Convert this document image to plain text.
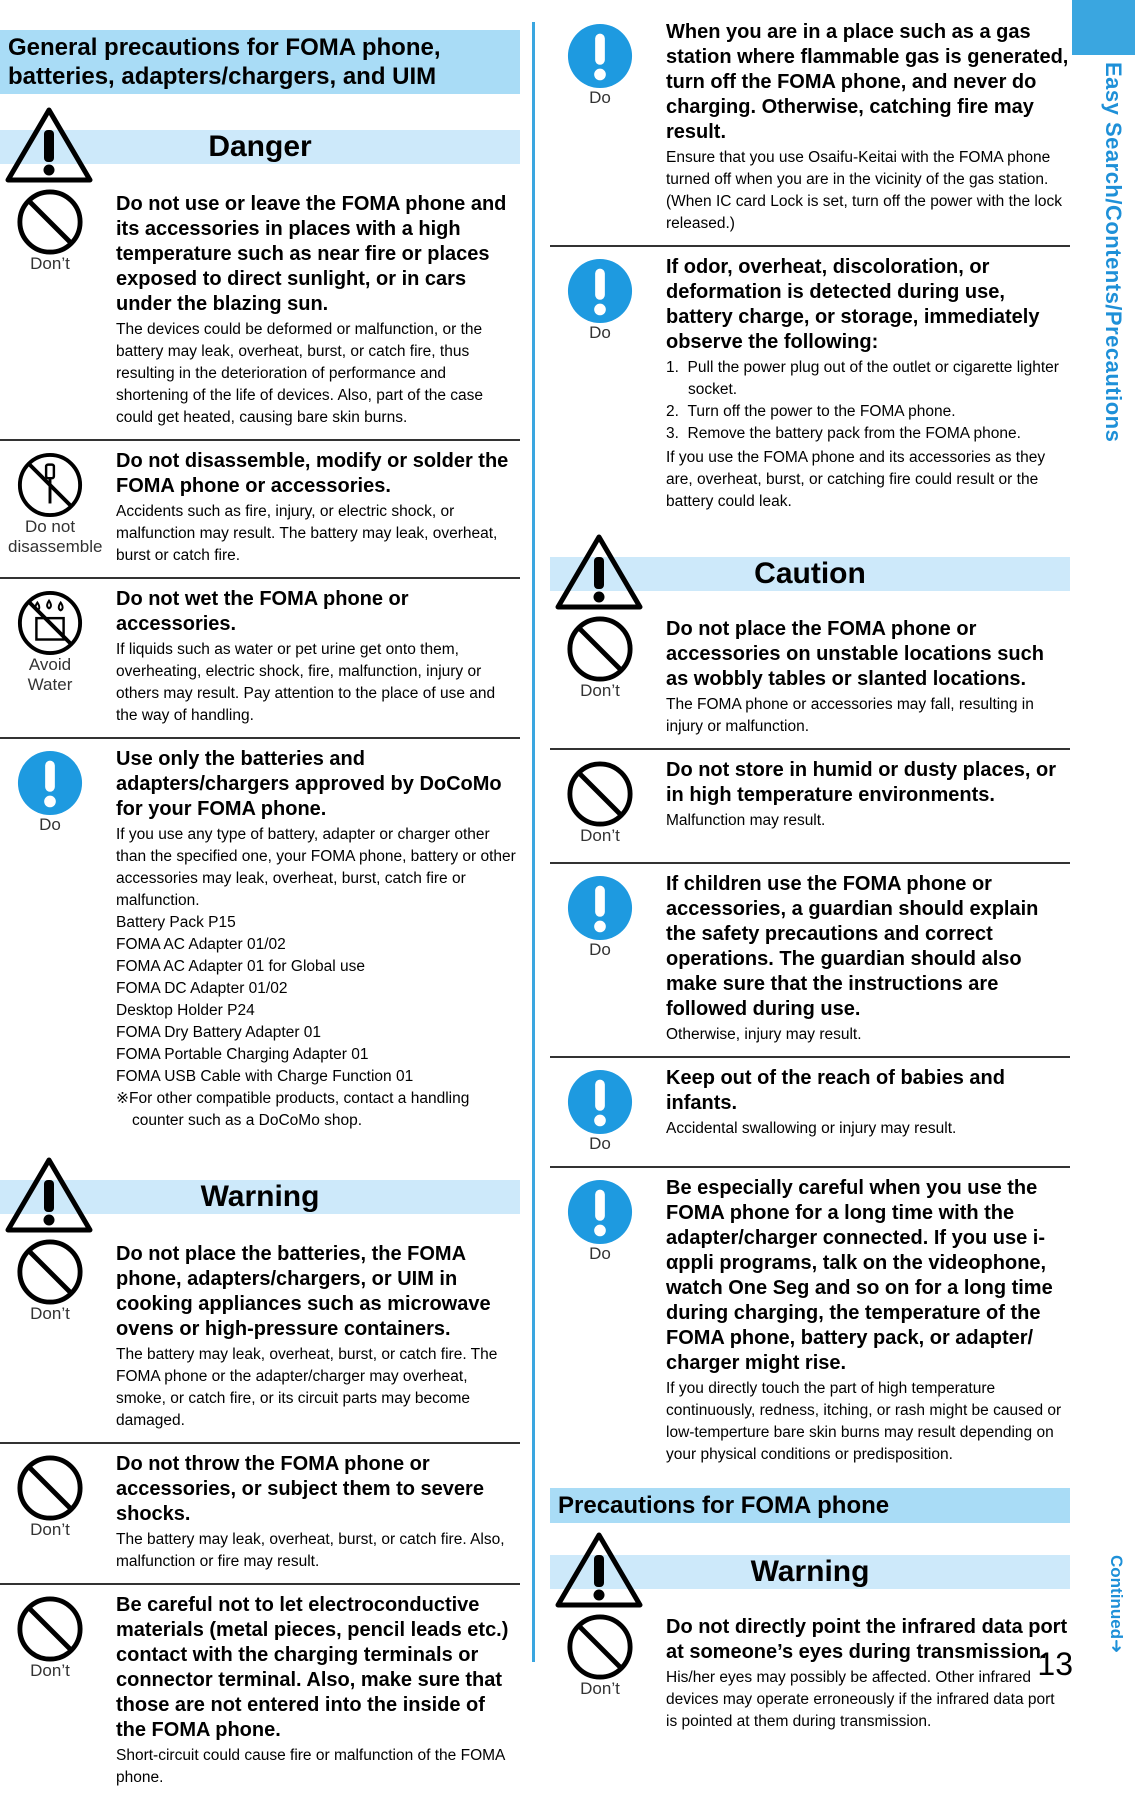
General precautions for FOMA phone, batteries, adapters/chargers, and UIM
Danger
Don’t
Do not use or leave the FOMA phone and its accessories in places with a high temperature such as near fire or places exposed to direct sunlight, or in cars under the blazing sun.

The devices could be deformed or malfunction, or the battery may leak, overheat, burst, or catch fire, thus resulting in the deterioration of performance and shortening of the life of devices. Also, part of the case could get heated, causing bare skin burns.

Do not disassemble
Do not disassemble, modify or solder the FOMA phone or accessories.

Accidents such as fire, injury, or electric shock, or malfunction may result. The battery may leak, overheat, burst or catch fire.

Avoid Water
Do not wet the FOMA phone or accessories.

If liquids such as water or pet urine get onto them, overheating, electric shock, fire, malfunction, injury or others may result. Pay attention to the place of use and the way of handling.

Do
Use only the batteries and adapters/chargers approved by DoCoMo for your FOMA phone.

If you use any type of battery, adapter or charger other than the specified one, your FOMA phone, battery or other accessories may leak, overheat, burst, catch fire or malfunction.

Battery Pack P15
FOMA AC Adapter 01/02
FOMA AC Adapter 01 for Global use
FOMA DC Adapter 01/02
Desktop Holder P24
FOMA Dry Battery Adapter 01
FOMA Portable Charging Adapter 01
FOMA USB Cable with Charge Function 01
※For other compatible products, contact a handling counter such as a DoCoMo shop.
Warning
Don’t
Do not place the batteries, the FOMA phone, adapters/chargers, or UIM in cooking appliances such as microwave ovens or high-pressure containers.

The battery may leak, overheat, burst, or catch fire. The FOMA phone or the adapter/charger may overheat, smoke, or catch fire, or its circuit parts may become damaged.

Don’t
Do not throw the FOMA phone or accessories, or subject them to severe shocks.

The battery may leak, overheat, burst, or catch fire. Also, malfunction or fire may result.

Don’t
Be careful not to let electroconductive materials (metal pieces, pencil leads etc.) contact with the charging terminals or connector terminal. Also, make sure that those are not entered into the inside of the FOMA phone.

Short-circuit could cause fire or malfunction of the FOMA phone.

Do
When you are in a place such as a gas station where flammable gas is generated, turn off the FOMA phone, and never do charging. Otherwise, catching fire may result.

Ensure that you use Osaifu-Keitai with the FOMA phone turned off when you are in the vicinity of the gas station. (When IC card Lock is set, turn off the power with the lock released.)

Do
If odor, overheat, discoloration, or deformation is detected during use, battery charge, or storage, immediately observe the following:
1.  Pull the power plug out of the outlet or cigarette lighter socket.
2.  Turn off the power to the FOMA phone.
3.  Remove the battery pack from the FOMA phone.

If you use the FOMA phone and its accessories as they are, overheat, burst, or catching fire could result or the battery could leak.

Caution
Don’t
Do not place the FOMA phone or accessories on unstable locations such as wobbly tables or slanted locations.

The FOMA phone or accessories may fall, resulting in injury or malfunction.

Don’t
Do not store in humid or dusty places, or in high temperature environments.

Malfunction may result.

Do
If children use the FOMA phone or accessories, a guardian should explain the safety precautions and correct operations. The guardian should also make sure that the instructions are followed during use.

Otherwise, injury may result.

Do
Keep out of the reach of babies and infants.

Accidental swallowing or injury may result.

Do
Be especially careful when you use the FOMA phone for a long time with the adapter/charger connected. If you use i-αppli programs, talk on the videophone, watch One Seg and so on for a long time during charging, the temperature of the FOMA phone, battery pack, or adapter/ charger might rise.

If you directly touch the part of high temperature continuously, redness, itching, or rash might be caused or low-temperture bare skin burns may result depending on your physical conditions or predisposition.

Precautions for FOMA phone
Warning
Don’t
Do not directly point the infrared data port at someone’s eyes during transmission.

His/her eyes may possibly be affected. Other infrared devices may operate erroneously if the infrared data port is pointed at them during transmission.

Easy Search/Contents/Precautions
Continued➜
13
